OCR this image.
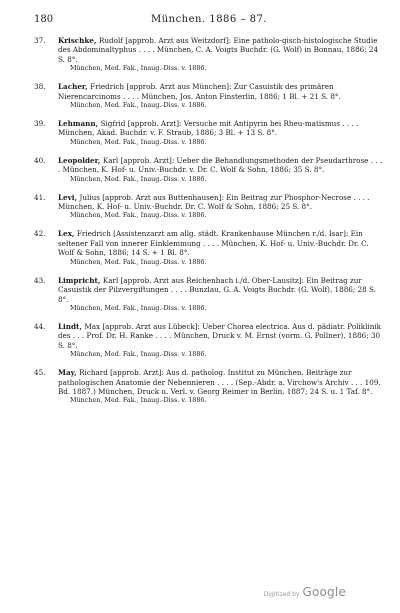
180	München. 1886 – 87.
37.	Krischke, Rudolf [approb. Arzt aus Weitzdorf]: Eine patholo-gisch-histologische Studie des Abdominaltyphus . . . . München, C. A. Voigts Buchdr. (G. Wolf) in Bonnau, 1886; 24 S. 8°.
München, Med. Fak., Inaug.-Diss. v. 1886.
38.	Lacher, Friedrich [approb. Arzt aus München]: Zur Casuistik des primären Nierencarcinoms . . . . München, Jos. Anton Finsterlin, 1886; 1 Bl. + 21 S. 8°.
München, Med. Fak., Inaug.-Diss. v. 1886.
39.	Lehmann, Sigfrid [approb. Arzt]: Versuche mit Antipyrin bei Rheu-matismus . . . . München, Akad. Buchdr. v. F. Straub, 1886; 3 Bl. + 13 S. 8°.
München, Med. Fak., Inaug.-Diss. v. 1886.
40.	Leopolder, Karl [approb. Arzt]: Ueber die Behandlungsmethoden der Pseudarthrose . . . . München, K. Hof- u. Univ.-Buchdr. v. Dr. C. Wolf & Sohn, 1886; 35 S. 8°.
München, Med. Fak., Inaug.-Diss. v. 1886.
41.	Levi, Julius [approb. Arzt aus Buttenhausen]: Ein Beitrag zur Phosphor-Necrose . . . . München, K. Hof- u. Univ.-Buchdr. Dr. C. Wolf & Sohn, 1886; 25 S. 8°.
München, Med. Fak., Inaug.-Diss. v. 1886.
42.	Lex, Friedrich [Assistenzarzt am allg. städt. Krankenhause München r./d. Isar]: Ein seltener Fall von innerer Einklemmung . . . . München, K. Hof- u. Univ.-Buchdr. Dr. C. Wolf & Sohn, 1886; 14 S. + 1 Bl. 8°.
München, Med. Fak., Inaug.-Diss. v. 1886.
43.	Limpricht, Karl [approb. Arzt aus Reichenbach i./d. Ober-Lausitz]: Ein Beitrag zur Casuistik der Pilzvergiftungen . . . . Bunzlau, G. A. Voigts Buchdr. (G. Wolf), 1886; 28 S. 8°.
München, Med. Fak., Inaug.-Diss. v. 1886.
44.	Lindt, Max [approb. Arzt aus Lübeck]: Ueber Chorea electrica. Aus d. pädiatr. Poliklinik des . . . Prof. Dr. H. Ranke . . . . München, Druck v. M. Ernst (vorm. G. Pollner), 1886; 30 S. 8°.
München, Med. Fak., Inaug.-Diss. v. 1886.
45.	May, Richard [approb. Arzt]: Aus d. patholog. Institut zu München. Beiträge zur pathologischen Anatomie der Nebennieren . . . . (Sep.-Abdr. a. Virchow's Archiv . . . 109. Bd. 1887.) München, Druck u. Verl. v. Georg Reimer in Berlin, 1887; 24 S. u. 1 Taf. 8°.
München, Med. Fak., Inaug.-Diss. v. 1886.
Digitized by Google
